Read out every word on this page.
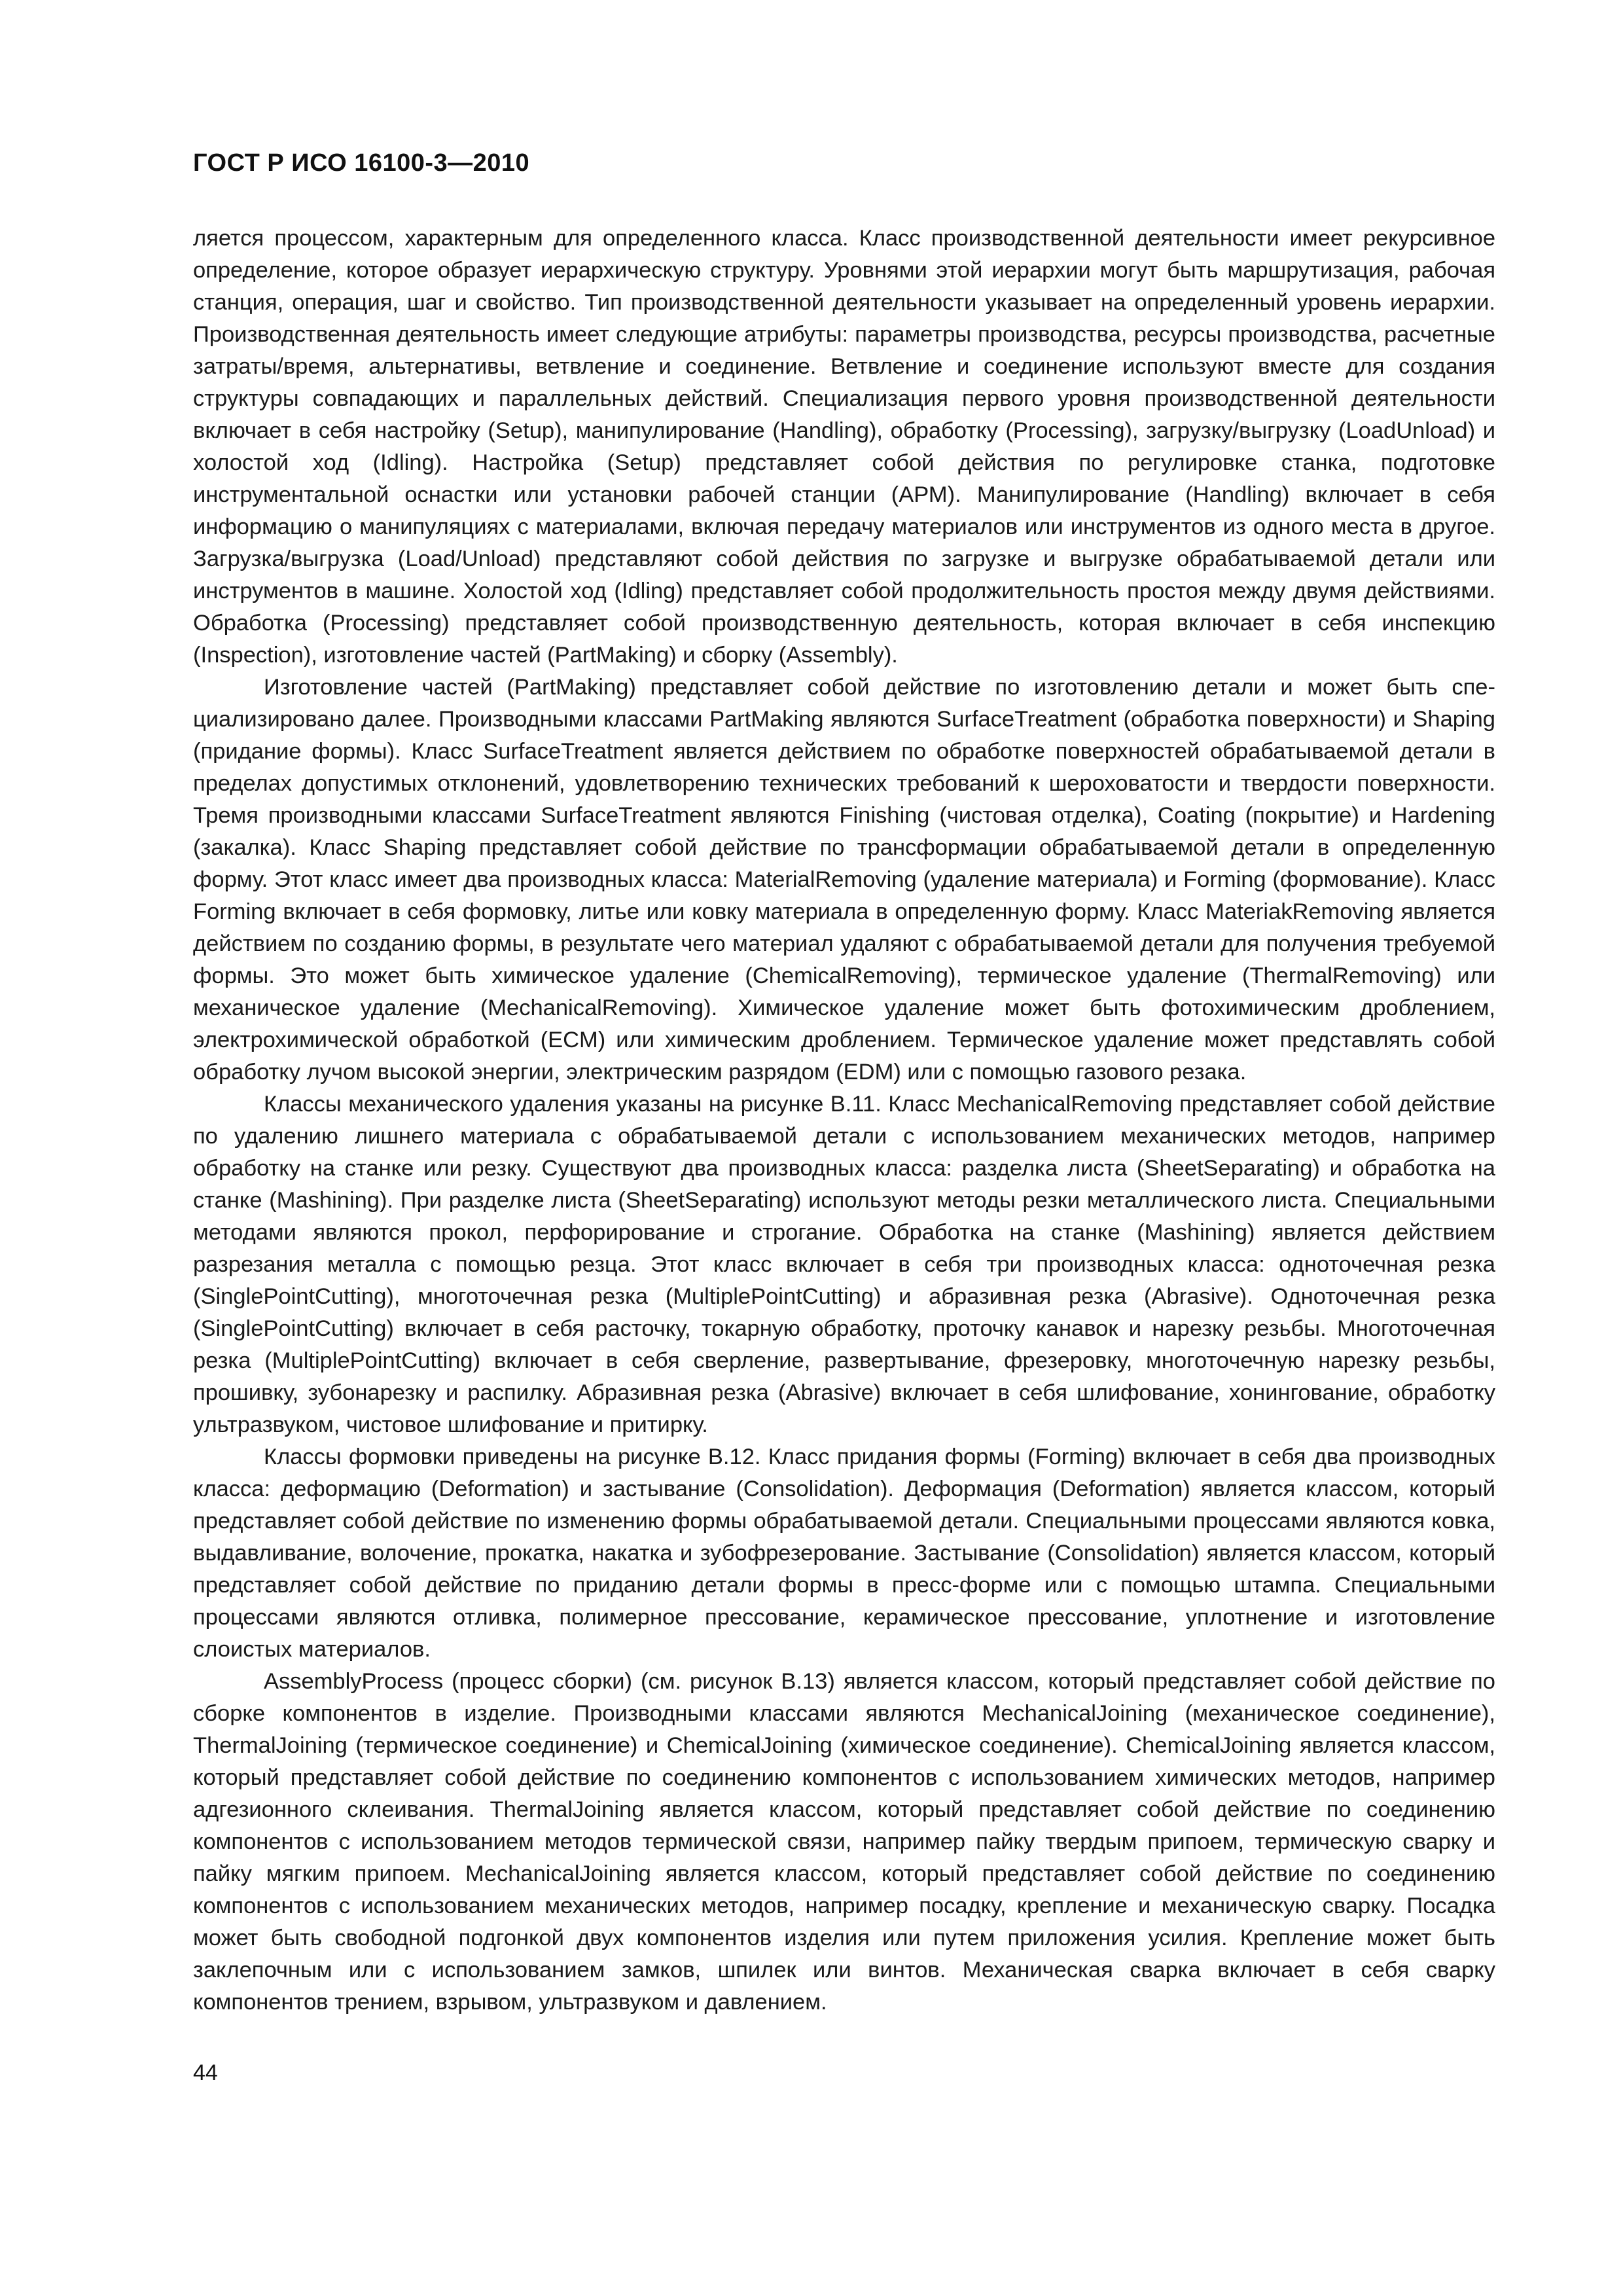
ГОСТ Р ИСО 16100-3—2010

ляется процессом, характерным для определенного класса. Класс производственной деятельности имеет рекурсивное определение, которое образует иерархическую структуру. Уровнями этой иерархии могут быть маршрутизация, рабочая станция, операция, шаг и свойство. Тип производственной деятельности указывает на определенный уровень иерархии. Производственная деятельность имеет следующие атрибуты: параметры производства, ресурсы производства, расчетные затраты/время, альтернативы, ветвление и соединение. Ветвление и соединение используют вместе для создания структуры совпадающих и параллельных действий. Специализация первого уровня производственной деятельности включает в себя настройку (Setup), манипулирование (Handling), обработку (Processing), загрузку/выгрузку (LoadUnload) и холостой ход (Idling). Настройка (Setup) представляет собой действия по регулировке станка, подготовке инструментальной оснастки или установки рабочей станции (АРМ). Манипулирование (Handling) включает в себя информацию о манипуляциях с материалами, включая передачу материалов или инструментов из одного места в другое. Загрузка/выгрузка (Load/Unload) представляют собой действия по загрузке и выгрузке обрабатываемой детали или инструментов в машине. Холостой ход (Idling) представляет собой продолжительность простоя между двумя действиями. Обработка (Processing) представляет собой производственную деятельность, которая включает в себя инспекцию (Inspection), изготовление частей (PartMaking) и сборку (Assembly).

Изготовление частей (PartMaking) представляет собой действие по изготовлению детали и может быть специализировано далее. Производными классами PartMaking являются SurfaceTreatment (обработка поверхности) и Shaping (придание формы). Класс SurfaceTreatment является действием по обработке поверхностей обрабатываемой детали в пределах допустимых отклонений, удовлетворению технических требований к шероховатости и твердости поверхности. Тремя производными классами SurfaceTreatment являются Finishing (чистовая отделка), Coating (покрытие) и Hardening (закалка). Класс Shaping представляет собой действие по трансформации обрабатываемой детали в определенную форму. Этот класс имеет два производных класса: MaterialRemoving (удаление материала) и Forming (формование). Класс Forming включает в себя формовку, литье или ковку материала в определенную форму. Класс MateriakRemoving является действием по созданию формы, в результате чего материал удаляют с обрабатываемой детали для получения требуемой формы. Это может быть химическое удаление (ChemicalRemoving), термическое удаление (ThermalRemoving) или механическое удаление (MechanicalRemoving). Химическое удаление может быть фотохимическим дроблением, электрохимической обработкой (ECM) или химическим дроблением. Термическое удаление может представлять собой обработку лучом высокой энергии, электрическим разрядом (EDM) или с помощью газового резака.

Классы механического удаления указаны на рисунке B.11. Класс MechanicalRemoving представляет собой действие по удалению лишнего материала с обрабатываемой детали с использованием механических методов, например обработку на станке или резку. Существуют два производных класса: разделка листа (SheetSeparating) и обработка на станке (Mashining). При разделке листа (SheetSeparating) используют методы резки металлического листа. Специальными методами являются прокол, перфорирование и строгание. Обработка на станке (Mashining) является действием разрезания металла с помощью резца. Этот класс включает в себя три производных класса: одноточечная резка (SinglePointCutting), многоточечная резка (MultiplePointCutting) и абразивная резка (Abrasive). Одноточечная резка (SinglePointCutting) включает в себя расточку, токарную обработку, проточку канавок и нарезку резьбы. Многоточечная резка (MultiplePointCutting) включает в себя сверление, развертывание, фрезеровку, многоточечную нарезку резьбы, прошивку, зубонарезку и распилку. Абразивная резка (Abrasive) включает в себя шлифование, хонингование, обработку ультразвуком, чистовое шлифование и притирку.

Классы формовки приведены на рисунке B.12. Класс придания формы (Forming) включает в себя два производных класса: деформацию (Deformation) и застывание (Consolidation). Деформация (Deformation) является классом, который представляет собой действие по изменению формы обрабатываемой детали. Специальными процессами являются ковка, выдавливание, волочение, прокатка, накатка и зубофрезерование. Застывание (Consolidation) является классом, который представляет собой действие по приданию детали формы в пресс-форме или с помощью штампа. Специальными процессами являются отливка, полимерное прессование, керамическое прессование, уплотнение и изготовление слоистых материалов.

AssemblyProcess (процесс сборки) (см. рисунок B.13) является классом, который представляет собой действие по сборке компонентов в изделие. Производными классами являются MechanicalJoining (механическое соединение), ThermalJoining (термическое соединение) и ChemicalJoining (химическое соединение). ChemicalJoining является классом, который представляет собой действие по соединению компонентов с использованием химических методов, например адгезионного склеивания. ThermalJoining является классом, который представляет собой действие по соединению компонентов с использованием методов термической связи, например пайку твердым припоем, термическую сварку и пайку мягким припоем. MechanicalJoining является классом, который представляет собой действие по соединению компонентов с использованием механических методов, например посадку, крепление и механическую сварку. Посадка может быть свободной подгонкой двух компонентов изделия или путем приложения усилия. Крепление может быть заклепочным или с использованием замков, шпилек или винтов. Механическая сварка включает в себя сварку компонентов трением, взрывом, ультразвуком и давлением.

44
